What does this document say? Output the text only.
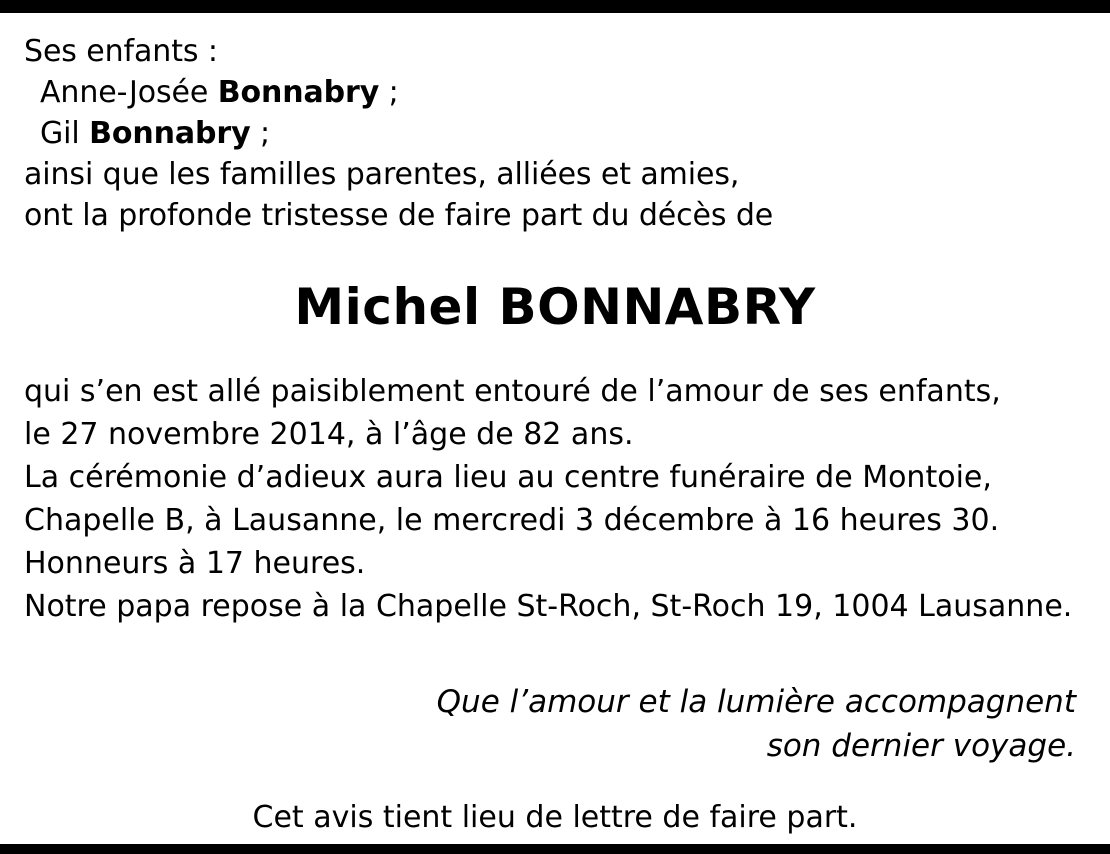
Ses enfants :
Anne-Josée Bonnabry ;
Gil Bonnabry ;
ainsi que les familles parentes, alliées et amies,
ont la profonde tristesse de faire part du décès de
Michel BONNABRY
qui s’en est allé paisiblement entouré de l’amour de ses enfants,
le 27 novembre 2014, à l’âge de 82 ans.
La cérémonie d’adieux aura lieu au centre funéraire de Montoie,
Chapelle B, à Lausanne, le mercredi 3 décembre à 16 heures 30.
Honneurs à 17 heures.
Notre papa repose à la Chapelle St-Roch, St-Roch 19, 1004 Lausanne.
Que l’amour et la lumière accompagnent
son dernier voyage.
Cet avis tient lieu de lettre de faire part.
